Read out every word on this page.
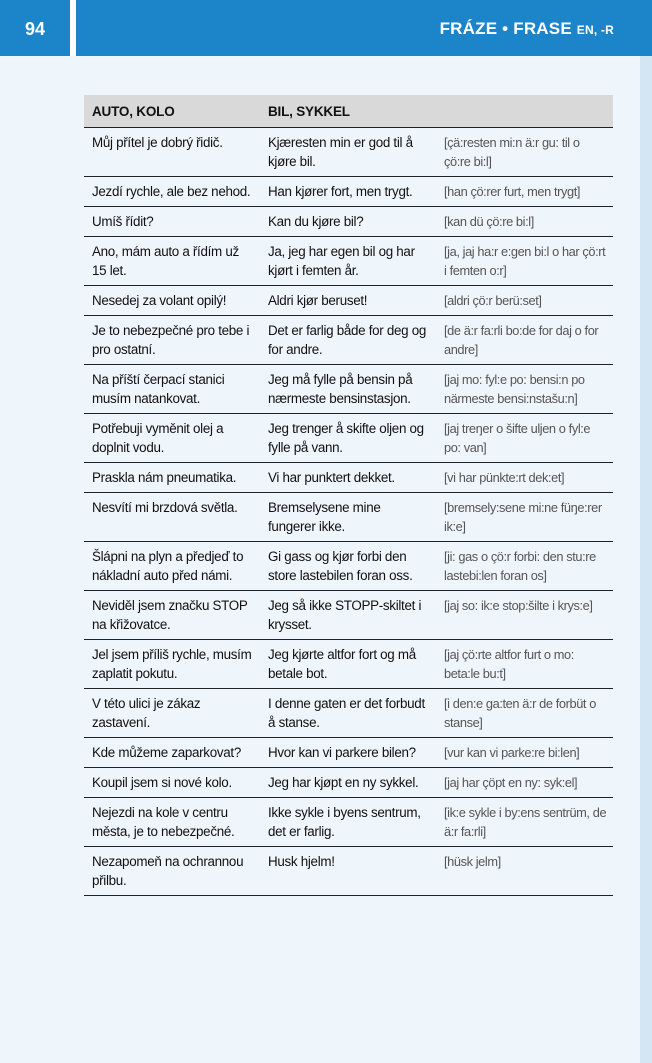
94	FRÁZE • FRASE EN, -R
AUTO, KOLO	BIL, SYKKEL	
Můj přítel je dobrý řidič.	Kjæresten min er god til å kjøre bil.	[çä:resten mi:n ä:r gu: til o çö:re bi:l]
Jezdí rychle, ale bez nehod.	Han kjører fort, men trygt.	[han çö:rer furt, men trygt]
Umíš řídit?	Kan du kjøre bil?	[kan dü çö:re bi:l]
Ano, mám auto a řídím už 15 let.	Ja, jeg har egen bil og har kjørt i femten år.	[ja, jaj ha:r e:gen bi:l o har çö:rt i femten o:r]
Nesedej za volant opilý!	Aldri kjør beruset!	[aldri çö:r berü:set]
Je to nebezpečné pro tebe i pro ostatní.	Det er farlig både for deg og for andre.	[de ä:r fa:rli bo:de for daj o for andre]
Na příští čerpací stanici musím natankovat.	Jeg må fylle på bensin på nærmeste bensinstasjon.	[jaj mo: fyl:e po: bensi:n po närmeste bensi:nstašu:n]
Potřebuji vyměnit olej a doplnit vodu.	Jeg trenger å skifte oljen og fylle på vann.	[jaj treŋer o šifte uljen o fyl:e po: van]
Praskla nám pneumatika.	Vi har punktert dekket.	[vi har pünkte:rt dek:et]
Nesvítí mi brzdová světla.	Bremselysene mine fungerer ikke.	[bremsely:sene mi:ne füŋe:rer ik:e]
Šlápni na plyn a předjeď to nákladní auto před námi.	Gi gass og kjør forbi den store lastebilen foran oss.	[ji: gas o çö:r forbi: den stu:re lastebi:len foran os]
Neviděl jsem značku STOP na křižovatce.	Jeg så ikke STOPP-skiltet i krysset.	[jaj so: ik:e stop:šilte i krys:e]
Jel jsem příliš rychle, musím zaplatit pokutu.	Jeg kjørte altfor fort og må betale bot.	[jaj çö:rte altfor furt o mo: beta:le bu:t]
V této ulici je zákaz zastavení.	I denne gaten er det forbudt å stanse.	[i den:e ga:ten ä:r de forbüt o stanse]
Kde můžeme zaparkovat?	Hvor kan vi parkere bilen?	[vur kan vi parke:re bi:len]
Koupil jsem si nové kolo.	Jeg har kjøpt en ny sykkel.	[jaj har çöpt en ny: syk:el]
Nejezdi na kole v centru města, je to nebezpečné.	Ikke sykle i byens sentrum, det er farlig.	[ik:e sykle i by:ens sentrüm, de ä:r fa:rli]
Nezapomeň na ochrannou přilbu.	Husk hjelm!	[hüsk jelm]
